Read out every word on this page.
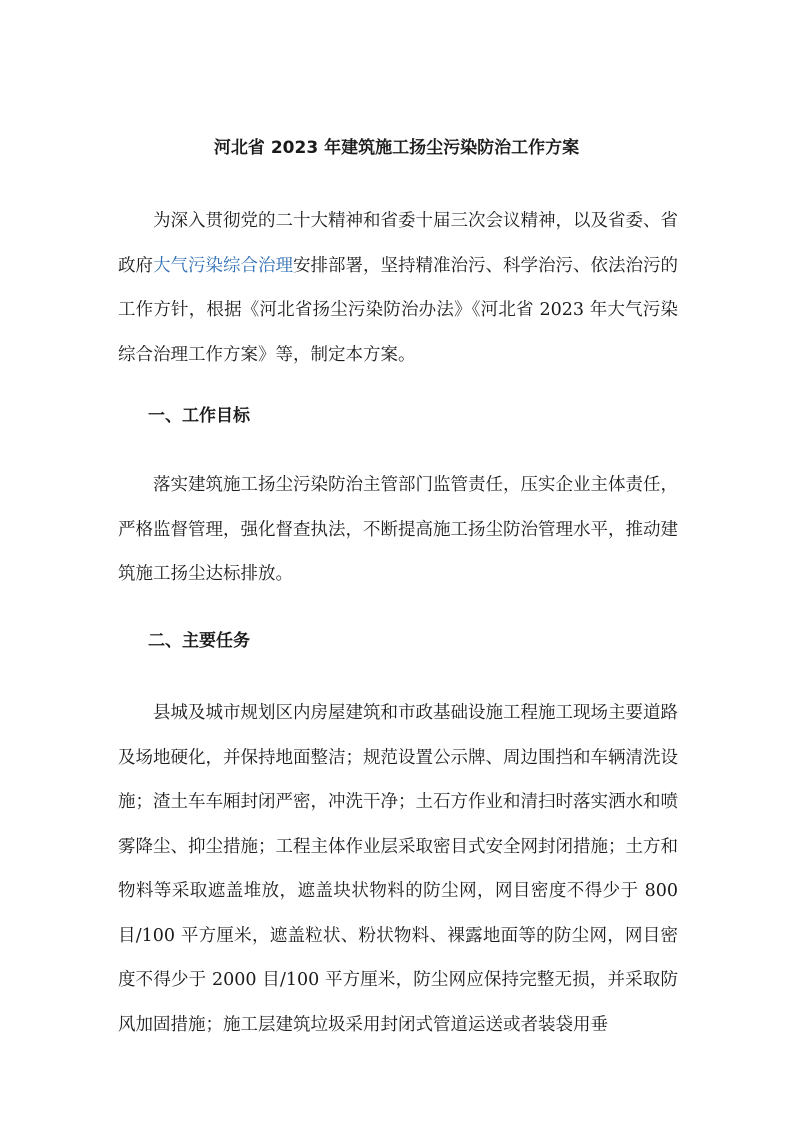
河北省 2023 年建筑施工扬尘污染防治工作方案

为深入贯彻党的二十大精神和省委十届三次会议精神，以及省委、省政府大气污染综合治理安排部署，坚持精准治污、科学治污、依法治污的工作方针，根据《河北省扬尘污染防治办法》《河北省 2023 年大气污染综合治理工作方案》等，制定本方案。

一、工作目标

落实建筑施工扬尘污染防治主管部门监管责任，压实企业主体责任，严格监督管理，强化督查执法，不断提高施工扬尘防治管理水平，推动建筑施工扬尘达标排放。

二、主要任务

县城及城市规划区内房屋建筑和市政基础设施工程施工现场主要道路及场地硬化，并保持地面整洁；规范设置公示牌、周边围挡和车辆清洗设施；渣土车车厢封闭严密，冲洗干净；土石方作业和清扫时落实洒水和喷雾降尘、抑尘措施；工程主体作业层采取密目式安全网封闭措施；土方和物料等采取遮盖堆放，遮盖块状物料的防尘网，网目密度不得少于 800 目/100 平方厘米，遮盖粒状、粉状物料、裸露地面等的防尘网，网目密度不得少于 2000 目/100 平方厘米，防尘网应保持完整无损，并采取防风加固措施；施工层建筑垃圾采用封闭式管道运送或者装袋用垂
